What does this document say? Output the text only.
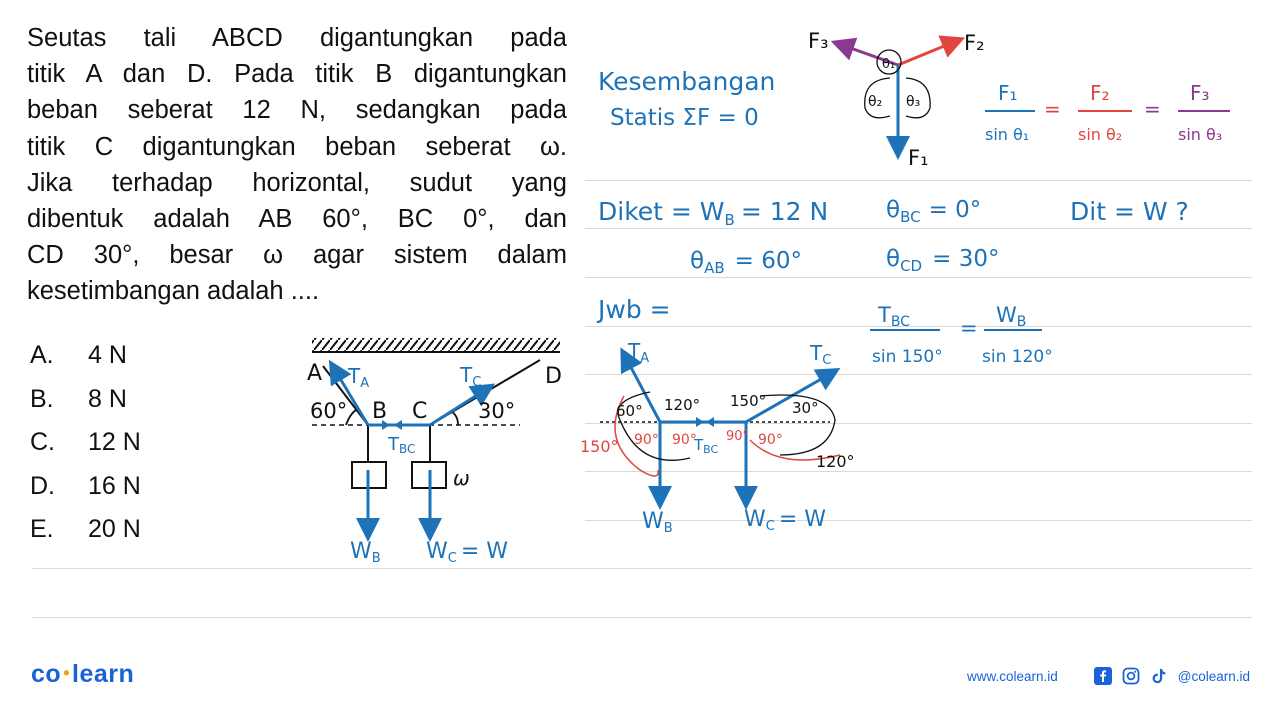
Seutas tali ABCD digantungkan pada
titik A dan D. Pada titik B digantungkan
beban seberat 12 N, sedangkan pada
titik C digantungkan beban seberat ω.
Jika terhadap horizontal, sudut yang
dibentuk adalah AB 60°, BC 0°, dan
CD 30°, besar ω agar sistem dalam
kesetimbangan adalah ....
A.	4 N
B.	8 N
C.	12 N
D.	16 N
E.	20 N
A	D
B C
60°	30°
ω
$T_A$	$T_C$
TBC
WB WC = W
Kesembangan
Statis ΣF = 0
F₃	F₂
F₁
θ₁
θ₂ θ₃	F₁
sin θ₁
=
F₂
sin θ₂
=
F₃
sin θ₃
Diket = $W_B = 12$ N	$\theta_{BC} = 0^\circ$	Dit = W ?
$\theta_{AB} = 60^\circ$	$\theta_{CD} = 30^\circ$
Jwb =	TBC
sin 150°
=
WB
sin 120°
60° 120° 150° 30°
150° 90° 90° 90° 90°
120°
$T_A$	$T_C$
$T_{BC}$
WB	WC = W
co •learn	www.colearn.id	@colearn.id
